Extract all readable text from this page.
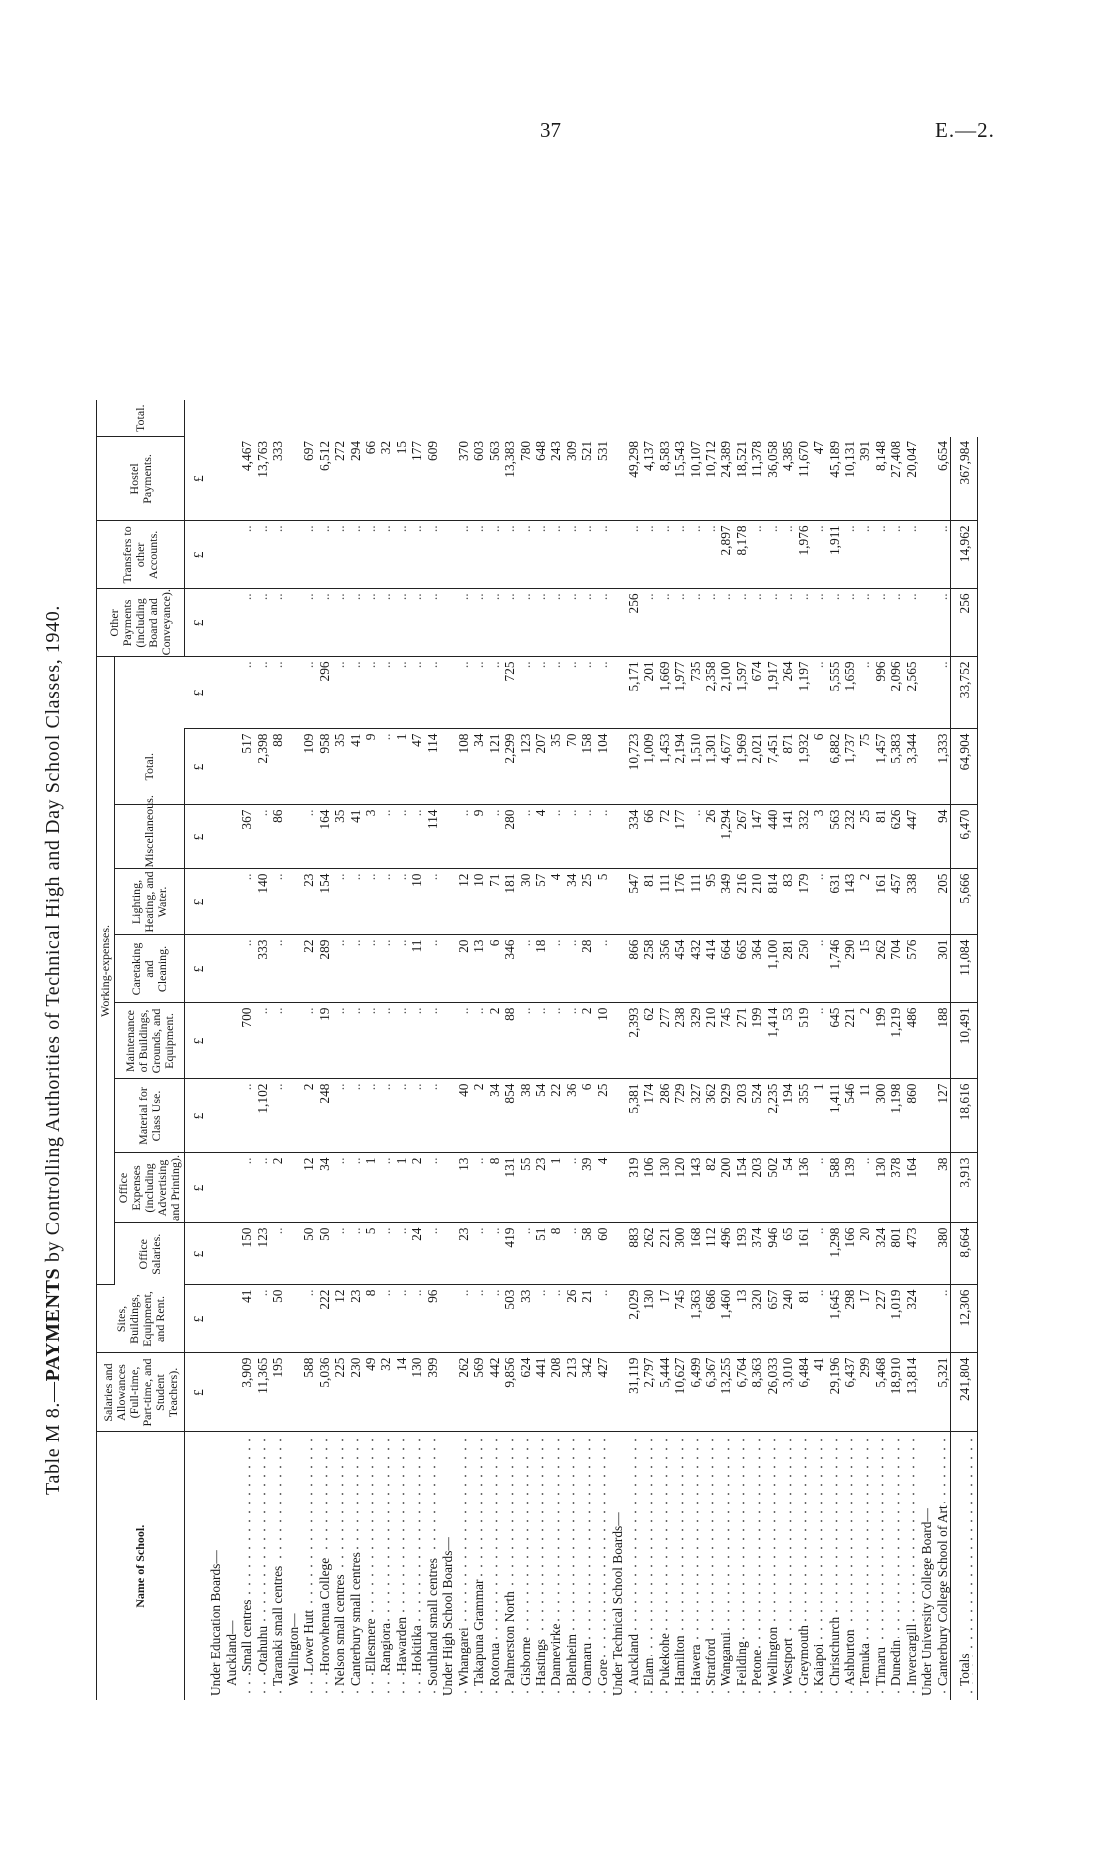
37	E.—2.
Table M 8.—PAYMENTS by Controlling Authorities of Technical High and Day School Classes, 1940.
Name of School.	Salaries and Allowances (Full-time, Part-time, and Student Teachers).	Sites, Buildings, Equipment, and Rent.	Working-expenses.									Other Payments (including Board and Conveyance).	Transfers to other Accounts.	Hostel Payments.	Total.
			Office Salaries.	Office Expenses (including Advertising and Printing).	Material for Class Use.	Maintenance of Buildings, Grounds, and Equipment.	Caretaking and Cleaning.	Lighting, Heating, and Water.	Miscellaneous.	Total.					
	£	£	£	£	£	£	£	£	£	£	£	£	£	£	
Under Education Boards—															
Auckland—															
Small centres	3,909	41	150	..	..	700	..	..	367	517	..	..	..	4,467	
Otahuhu	11,365	..	123	..	1,102	..	333	140	..	2,398	..	..	..	13,763	
Taranaki small centres	195	50	..	2	..	..	..	..	86	88	..	..	..	333	
Wellington—															
Lower Hutt	588	..	50	12	2	..	22	23	..	109	..	..	..	697	
Horowhenua College	5,036	222	50	34	248	19	289	154	164	958	296	..	..	6,512	
Nelson small centres	225	12	..	..	..	..	..	..	35	35	..	..	..	272	
Canterbury small centres	230	23	..	..	..	..	..	..	41	41	..	..	..	294	
Ellesmere	49	8	5	1	..	..	..	..	3	9	..	..	..	66	
Rangiora	32	..	..	..	..	..	..	..	..	..	..	..	..	32	
Hawarden	14	..	..	1	..	..	..	..	..	1	..	..	..	15	
Hokitika	130	..	24	2	..	..	11	10	..	47	..	..	..	177	
Southland small centres	399	96	..	..	..	..	..	..	114	114	..	..	..	609	
Under High School Boards—															
Whangarei	262	..	23	13	40	..	20	12	..	108	..	..	..	370	
Takapuna Grammar	569	..	..	..	2	..	13	10	9	34	..	..	..	603	
Rotorua	442	..	..	8	34	2	6	71	..	121	..	..	..	563	
Palmerston North	9,856	503	419	131	854	88	346	181	280	2,299	725	..	..	13,383	
Gisborne	624	33	..	55	38	..	..	30	..	123	..	..	..	780	
Hastings	441	..	51	23	54	..	18	57	4	207	..	..	..	648	
Dannevirke	208	..	8	1	22	..	..	4	..	35	..	..	..	243	
Blenheim	213	26	..	..	36	..	..	34	..	70	..	..	..	309	
Oamaru	342	21	58	39	6	2	28	25	..	158	..	..	..	521	
Gore	427	..	60	4	25	10	..	5	..	104	..	..	..	531	
Under Technical School Boards—															
Auckland	31,119	2,029	883	319	5,381	2,393	866	547	334	10,723	5,171	256	..	49,298	
Elam	2,797	130	262	106	174	62	258	81	66	1,009	201	..	..	4,137	
Pukekohe	5,444	17	221	130	286	277	356	111	72	1,453	1,669	..	..	8,583	
Hamilton	10,627	745	300	120	729	238	454	176	177	2,194	1,977	..	..	15,543	
Hawera	6,499	1,363	168	143	327	329	432	111	..	1,510	735	..	..	10,107	
Stratford	6,367	686	112	82	362	210	414	95	26	1,301	2,358	..	..	10,712	
Wanganui	13,255	1,460	496	200	929	745	664	349	1,294	4,677	2,100	..	2,897	24,389	
Feilding	6,764	13	193	154	203	271	665	216	267	1,969	1,597	..	8,178	18,521	
Petone	8,363	320	374	203	524	199	364	210	147	2,021	674	..	..	11,378	
Wellington	26,033	657	946	502	2,235	1,414	1,100	814	440	7,451	1,917	..	..	36,058	
Westport	3,010	240	65	54	194	53	281	83	141	871	264	..	..	4,385	
Greymouth	6,484	81	161	136	355	519	250	179	332	1,932	1,197	..	1,976	11,670	
Kaiapoi	41	..	..	..	1	..	..	..	3	6	..	..	..	47	
Christchurch	29,196	1,645	1,298	588	1,411	645	1,746	631	563	6,882	5,555	..	1,911	45,189	
Ashburton	6,437	298	166	139	546	221	290	143	232	1,737	1,659	..	..	10,131	
Temuka	299	17	20	..	11	2	15	2	25	75	..	..	..	391	
Timaru	5,468	227	324	130	300	199	262	161	81	1,457	996	..	..	8,148	
Dunedin	18,910	1,019	801	378	1,198	1,219	704	457	626	5,383	2,096	..	..	27,408	
Invercargill	13,814	324	473	164	860	486	576	338	447	3,344	2,565	..	..	20,047	
Under University College Board—															
Canterbury College School of Art	5,321	..	380	38	127	188	301	205	94	1,333	..	..	..	6,654	
Totals	241,804	12,306	8,664	3,913	18,616	10,491	11,084	5,666	6,470	64,904	33,752	256	14,962	367,984	
